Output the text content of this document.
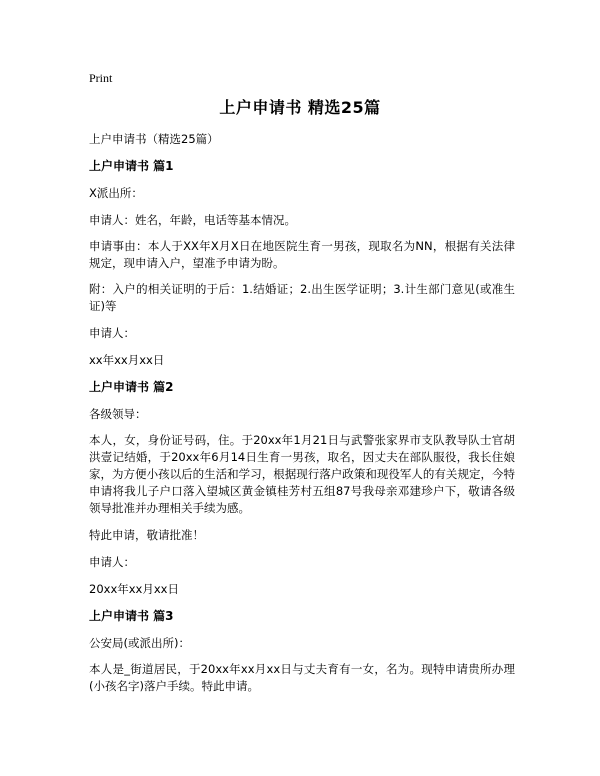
Print
上户申请书 精选25篇
上户申请书（精选25篇）
上户申请书 篇1
X派出所：
申请人：姓名，年龄，电话等基本情况。
申请事由：本人于XX年X月X日在地医院生育一男孩，现取名为NN，根据有关法律规定，现申请入户，望准予申请为盼。
附：入户的相关证明的于后：1.结婚证；2.出生医学证明；3.计生部门意见(或准生证)等
申请人：
xx年xx月xx日
上户申请书 篇2
各级领导：
本人，女，身份证号码，住。于20xx年1月21日与武警张家界市支队教导队士官胡洪壹记结婚，于20xx年6月14日生育一男孩，取名，因丈夫在部队服役，我长住娘家，为方便小孩以后的生活和学习，根据现行落户政策和现役军人的有关规定，今特申请将我儿子户口落入望城区黄金镇桂芳村五组87号我母亲邓建珍户下，敬请各级领导批准并办理相关手续为感。
特此申请，敬请批准！
申请人：
20xx年xx月xx日
上户申请书 篇3
公安局(或派出所)：
本人是_街道居民，于20xx年xx月xx日与丈夫育有一女，名为。现特申请贵所办理(小孩名字)落户手续。特此申请。
